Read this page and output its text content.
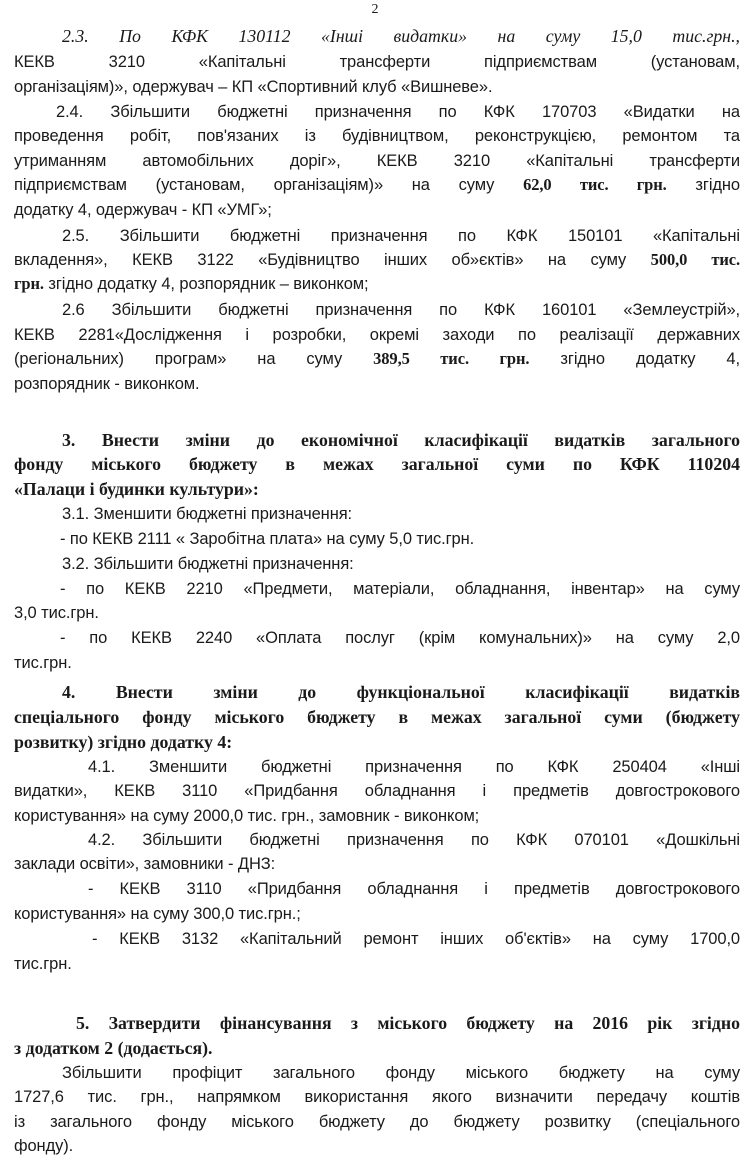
2
2.3. По КФК 130112 «Інші видатки» на суму 15,0 тис.грн.,
КЕКВ 3210 «Капітальні трансферти підприємствам (установам,
організаціям)», одержувач – КП «Спортивний клуб «Вишневе».
2.4. Збільшити бюджетні призначення по КФК 170703 «Видатки на
проведення робіт, пов'язаних із будівництвом, реконструкцією, ремонтом та
утриманням автомобільних доріг», КЕКВ 3210 «Капітальні трансферти
підприємствам (установам, організаціям)» на суму 62,0 тис. грн. згідно
додатку 4, одержувач - КП «УМГ»;
2.5. Збільшити бюджетні призначення по КФК 150101 «Капітальні
вкладення», КЕКВ 3122 «Будівництво інших об»єктів» на суму 500,0 тис.
грн. згідно додатку 4, розпорядник – виконком;
2.6 Збільшити бюджетні призначення по КФК 160101 «Землеустрій»,
КЕКВ 2281«Дослідження і розробки, окремі заходи по реалізації державних
(регіональних) програм» на суму 389,5 тис. грн. згідно додатку 4,
розпорядник - виконком.
3. Внести зміни до економічної класифікації видатків загального
фонду міського бюджету в межах загальної суми по КФК 110204
«Палаци і будинки культури»:
3.1. Зменшити бюджетні призначення:
- по КЕКВ 2111 « Заробітна плата» на суму 5,0 тис.грн.
3.2. Збільшити бюджетні призначення:
- по КЕКВ 2210 «Предмети, матеріали, обладнання, інвентар» на суму
3,0 тис.грн.
- по КЕКВ 2240 «Оплата послуг (крім комунальних)» на суму 2,0
тис.грн.
4. Внести зміни до функціональної класифікації видатків
спеціального фонду міського бюджету в межах загальної суми (бюджету
розвитку) згідно додатку 4:
4.1. Зменшити бюджетні призначення по КФК 250404 «Інші
видатки», КЕКВ 3110 «Придбання обладнання і предметів довгострокового
користування» на суму 2000,0 тис. грн., замовник - виконком;
4.2. Збільшити бюджетні призначення по КФК 070101 «Дошкільні
заклади освіти», замовники - ДНЗ:
- КЕКВ 3110 «Придбання обладнання і предметів довгострокового
користування» на суму 300,0 тис.грн.;
- КЕКВ 3132 «Капітальний ремонт інших об'єктів» на суму 1700,0
тис.грн.
5. Затвердити фінансування з міського бюджету на 2016 рік згідно
з додатком 2 (додається).
Збільшити профіцит загального фонду міського бюджету на суму
1727,6 тис. грн., напрямком використання якого визначити передачу коштів
із загального фонду міського бюджету до бюджету розвитку (спеціального
фонду).
